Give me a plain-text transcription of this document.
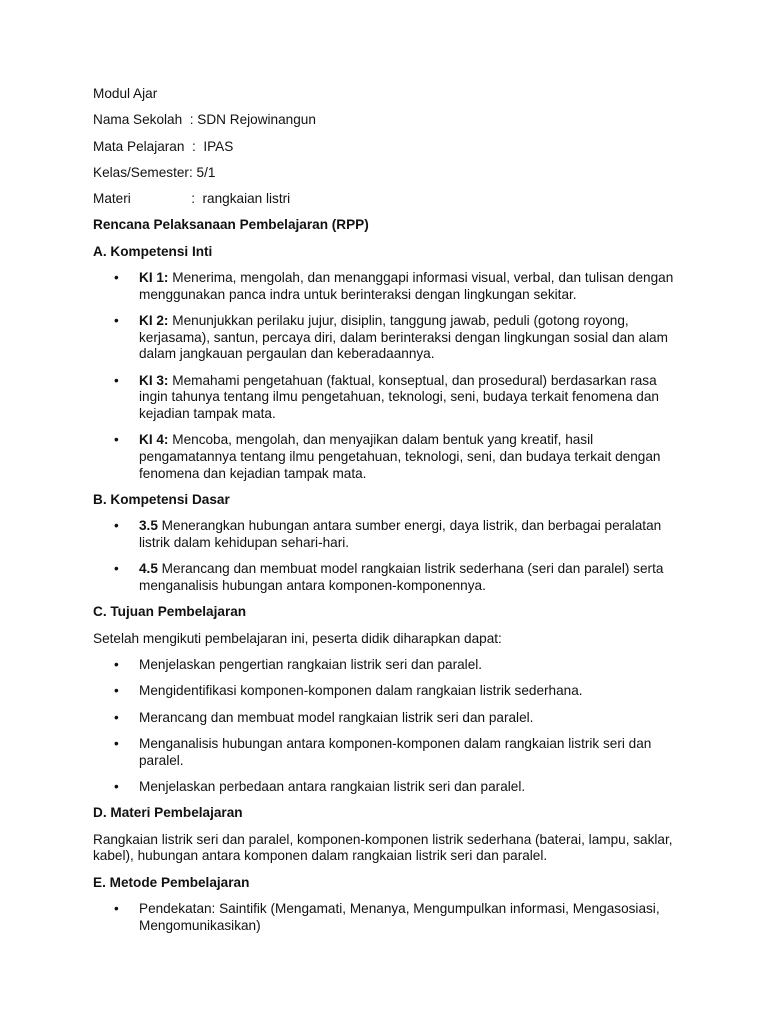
Modul Ajar

Nama Sekolah  : SDN Rejowinangun

Mata Pelajaran  :  IPAS

Kelas/Semester: 5/1

Materi                :  rangkaian listri

Rencana Pelaksanaan Pembelajaran (RPP)
A. Kompetensi Inti
• KI 1: Menerima, mengolah, dan menanggapi informasi visual, verbal, dan tulisan dengan menggunakan panca indra untuk berinteraksi dengan lingkungan sekitar.
• KI 2: Menunjukkan perilaku jujur, disiplin, tanggung jawab, peduli (gotong royong, kerjasama), santun, percaya diri, dalam berinteraksi dengan lingkungan sosial dan alam dalam jangkauan pergaulan dan keberadaannya.
• KI 3: Memahami pengetahuan (faktual, konseptual, dan prosedural) berdasarkan rasa ingin tahunya tentang ilmu pengetahuan, teknologi, seni, budaya terkait fenomena dan kejadian tampak mata.
• KI 4: Mencoba, mengolah, dan menyajikan dalam bentuk yang kreatif, hasil pengamatannya tentang ilmu pengetahuan, teknologi, seni, dan budaya terkait dengan fenomena dan kejadian tampak mata.
B. Kompetensi Dasar
• 3.5 Menerangkan hubungan antara sumber energi, daya listrik, dan berbagai peralatan listrik dalam kehidupan sehari-hari.
• 4.5 Merancang dan membuat model rangkaian listrik sederhana (seri dan paralel) serta menganalisis hubungan antara komponen-komponennya.
C. Tujuan Pembelajaran

Setelah mengikuti pembelajaran ini, peserta didik diharapkan dapat:

• Menjelaskan pengertian rangkaian listrik seri dan paralel.
• Mengidentifikasi komponen-komponen dalam rangkaian listrik sederhana.
• Merancang dan membuat model rangkaian listrik seri dan paralel.
• Menganalisis hubungan antara komponen-komponen dalam rangkaian listrik seri dan paralel.
• Menjelaskan perbedaan antara rangkaian listrik seri dan paralel.
D. Materi Pembelajaran

Rangkaian listrik seri dan paralel, komponen-komponen listrik sederhana (baterai, lampu, saklar, kabel), hubungan antara komponen dalam rangkaian listrik seri dan paralel.

E. Metode Pembelajaran
• Pendekatan: Saintifik (Mengamati, Menanya, Mengumpulkan informasi, Mengasosiasi, Mengomunikasikan)
